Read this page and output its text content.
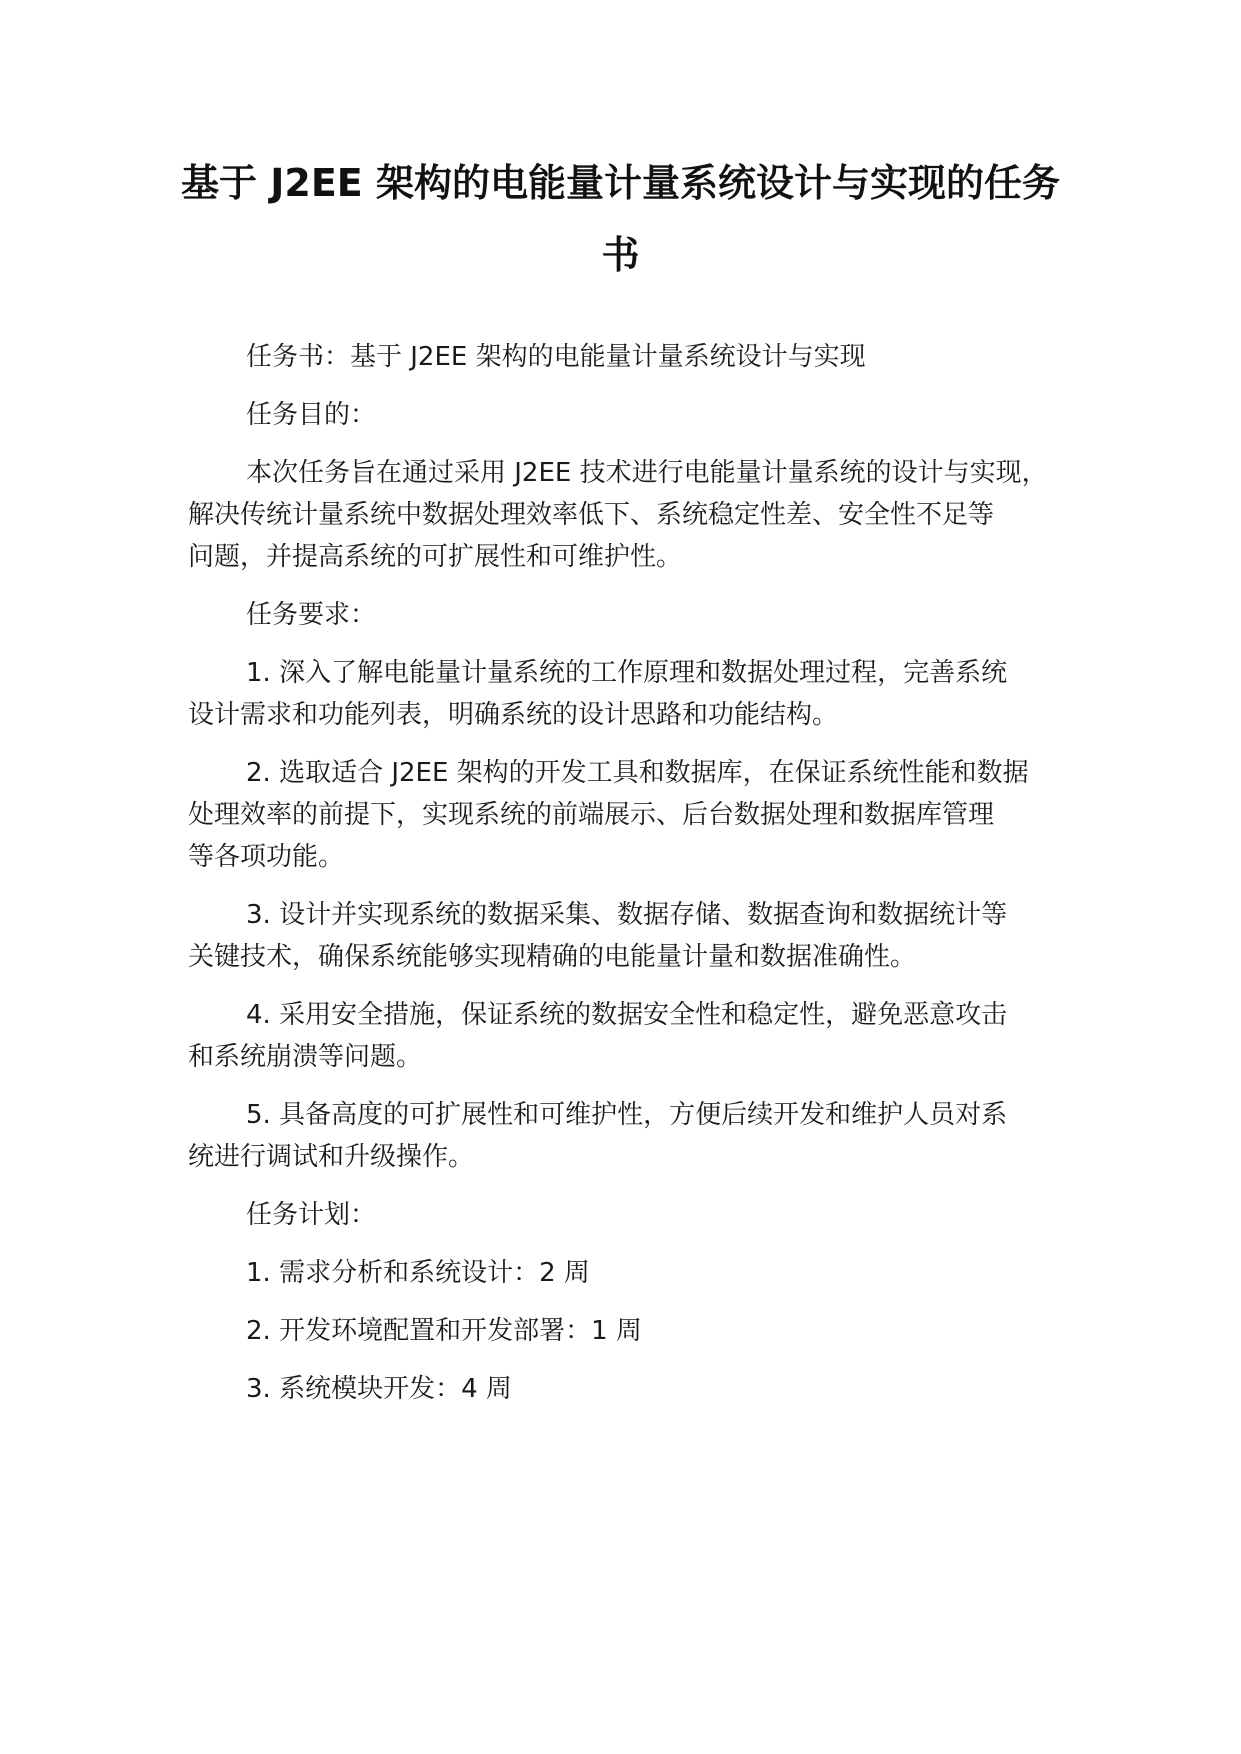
基于 J2EE 架构的电能量计量系统设计与实现的任务
书
任务书：基于 J2EE 架构的电能量计量系统设计与实现
任务目的：
本次任务旨在通过采用 J2EE 技术进行电能量计量系统的设计与实现，
解决传统计量系统中数据处理效率低下、系统稳定性差、安全性不足等
问题，并提高系统的可扩展性和可维护性。
任务要求：
1. 深入了解电能量计量系统的工作原理和数据处理过程，完善系统
设计需求和功能列表，明确系统的设计思路和功能结构。
2. 选取适合 J2EE 架构的开发工具和数据库，在保证系统性能和数据
处理效率的前提下，实现系统的前端展示、后台数据处理和数据库管理
等各项功能。
3. 设计并实现系统的数据采集、数据存储、数据查询和数据统计等
关键技术，确保系统能够实现精确的电能量计量和数据准确性。
4. 采用安全措施，保证系统的数据安全性和稳定性，避免恶意攻击
和系统崩溃等问题。
5. 具备高度的可扩展性和可维护性，方便后续开发和维护人员对系
统进行调试和升级操作。
任务计划：
1. 需求分析和系统设计：2 周
2. 开发环境配置和开发部署：1 周
3. 系统模块开发：4 周
